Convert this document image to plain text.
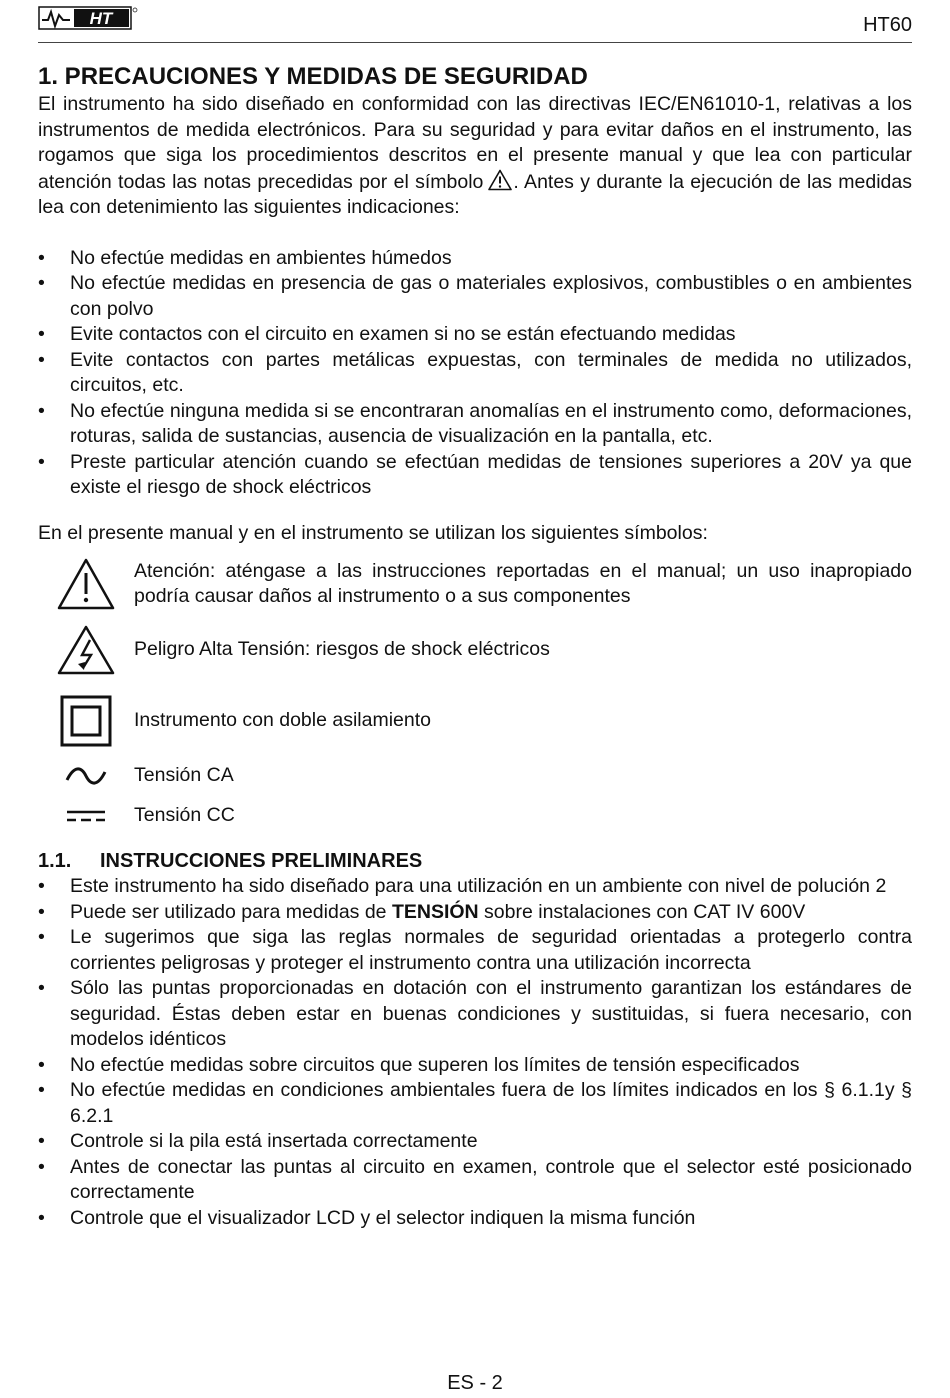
HT	HT60
1. PRECAUCIONES Y MEDIDAS DE SEGURIDAD

El instrumento ha sido diseñado en conformidad con las directivas IEC/EN61010-1, relativas a los instrumentos de medida electrónicos. Para su seguridad y para evitar daños en el instrumento, las rogamos que siga los procedimientos descritos en el presente manual y que lea con particular atención todas las notas precedidas por el símbolo . Antes y durante la ejecución de las medidas lea con detenimiento las siguientes indicaciones:

• No efectúe medidas en ambientes húmedos
• No efectúe medidas en presencia de gas o materiales explosivos, combustibles o en ambientes con polvo
• Evite contactos con el circuito en examen si no se están efectuando medidas
• Evite contactos con partes metálicas expuestas, con terminales de medida no utilizados, circuitos, etc.
• No efectúe ninguna medida si se encontraran anomalías en el instrumento como, deformaciones, roturas, salida de sustancias, ausencia de visualización en la pantalla, etc.
• Preste particular atención cuando se efectúan medidas de tensiones superiores a 20V ya que existe el riesgo de shock eléctricos

En el presente manual y en el instrumento se utilizan los siguientes símbolos:

Atención: aténgase a las instrucciones reportadas en el manual; un uso inapropiado podría causar daños al instrumento o a sus componentes
Peligro Alta Tensión: riesgos de shock eléctricos
Instrumento con doble asilamiento
Tensión CA
Tensión CC
1.1.	INSTRUCCIONES PRELIMINARES
• Este instrumento ha sido diseñado para una utilización en un ambiente con nivel de polución 2
• Puede ser utilizado para medidas de TENSIÓN sobre instalaciones con CAT IV 600V
• Le sugerimos que siga las reglas normales de seguridad orientadas a protegerlo contra corrientes peligrosas y proteger el instrumento contra una utilización incorrecta
• Sólo las puntas proporcionadas en dotación con el instrumento garantizan los estándares de seguridad. Éstas deben estar en buenas condiciones y sustituidas, si fuera necesario, con modelos idénticos
• No efectúe medidas sobre circuitos que superen los límites de tensión especificados
• No efectúe medidas en condiciones ambientales fuera de los límites indicados en los § 6.1.1y § 6.2.1
• Controle si la pila está insertada correctamente
• Antes de conectar las puntas al circuito en examen, controle que el selector esté posicionado correctamente
• Controle que el visualizador LCD y el selector indiquen la misma función
ES - 2
